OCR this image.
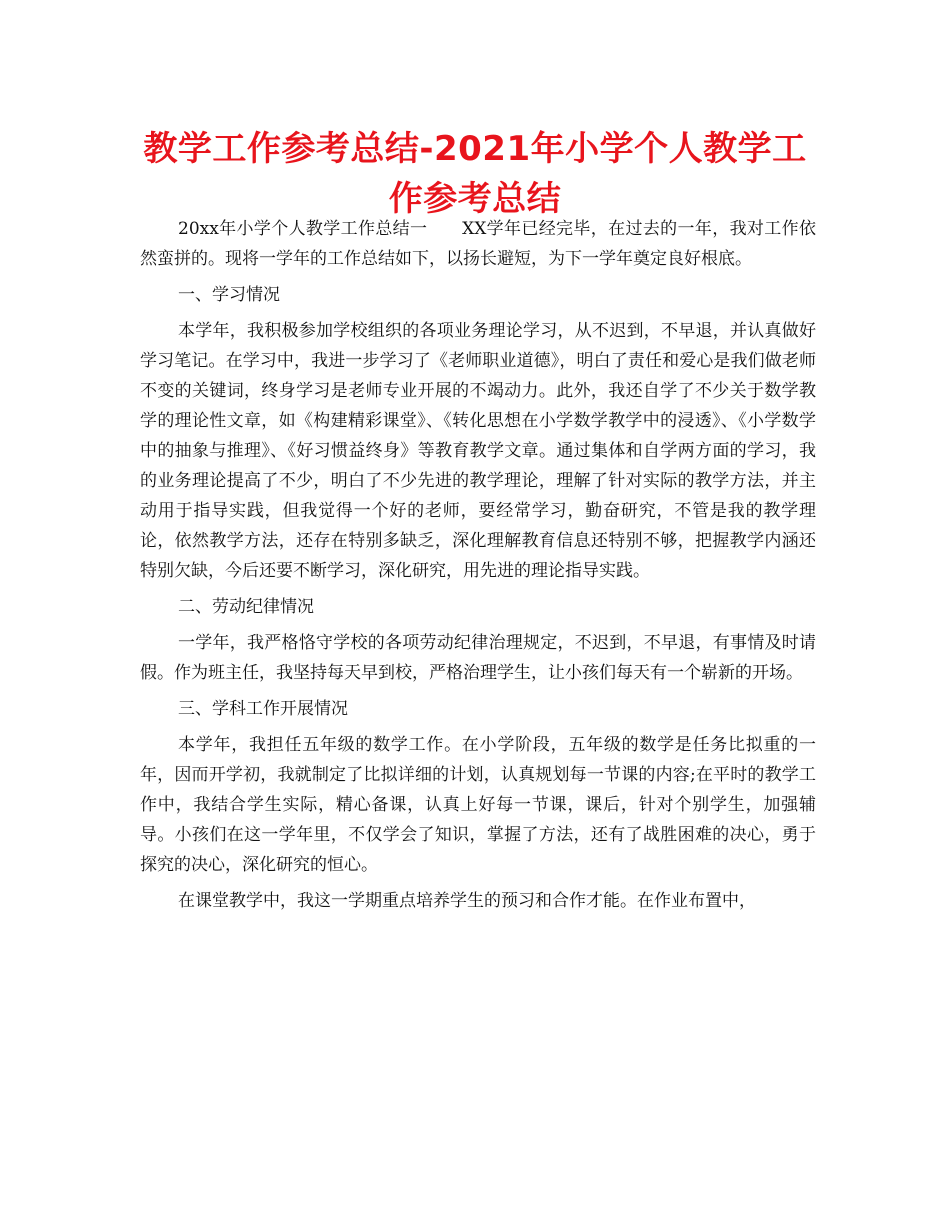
教学工作参考总结-2021年小学个人教学工作参考总结

20xx年小学个人教学工作总结一　　XX学年已经完毕，在过去的一年，我对工作依然蛮拼的。现将一学年的工作总结如下，以扬长避短，为下一学年奠定良好根底。

一、学习情况

本学年，我积极参加学校组织的各项业务理论学习，从不迟到，不早退，并认真做好学习笔记。在学习中，我进一步学习了《老师职业道德》，明白了责任和爱心是我们做老师不变的关键词，终身学习是老师专业开展的不竭动力。此外，我还自学了不少关于数学教学的理论性文章，如《构建精彩课堂》、《转化思想在小学数学教学中的浸透》、《小学数学中的抽象与推理》、《好习惯益终身》等教育教学文章。通过集体和自学两方面的学习，我的业务理论提高了不少，明白了不少先进的教学理论，理解了针对实际的教学方法，并主动用于指导实践，但我觉得一个好的老师，要经常学习，勤奋研究，不管是我的教学理论，依然教学方法，还存在特别多缺乏，深化理解教育信息还特别不够，把握教学内涵还特别欠缺，今后还要不断学习，深化研究，用先进的理论指导实践。

二、劳动纪律情况

一学年，我严格恪守学校的各项劳动纪律治理规定，不迟到，不早退，有事情及时请假。作为班主任，我坚持每天早到校，严格治理学生，让小孩们每天有一个崭新的开场。

三、学科工作开展情况

本学年，我担任五年级的数学工作。在小学阶段，五年级的数学是任务比拟重的一年，因而开学初，我就制定了比拟详细的计划，认真规划每一节课的内容;在平时的教学工作中，我结合学生实际，精心备课，认真上好每一节课，课后，针对个别学生，加强辅导。小孩们在这一学年里，不仅学会了知识，掌握了方法，还有了战胜困难的决心，勇于探究的决心，深化研究的恒心。

在课堂教学中，我这一学期重点培养学生的预习和合作才能。在作业布置中，
